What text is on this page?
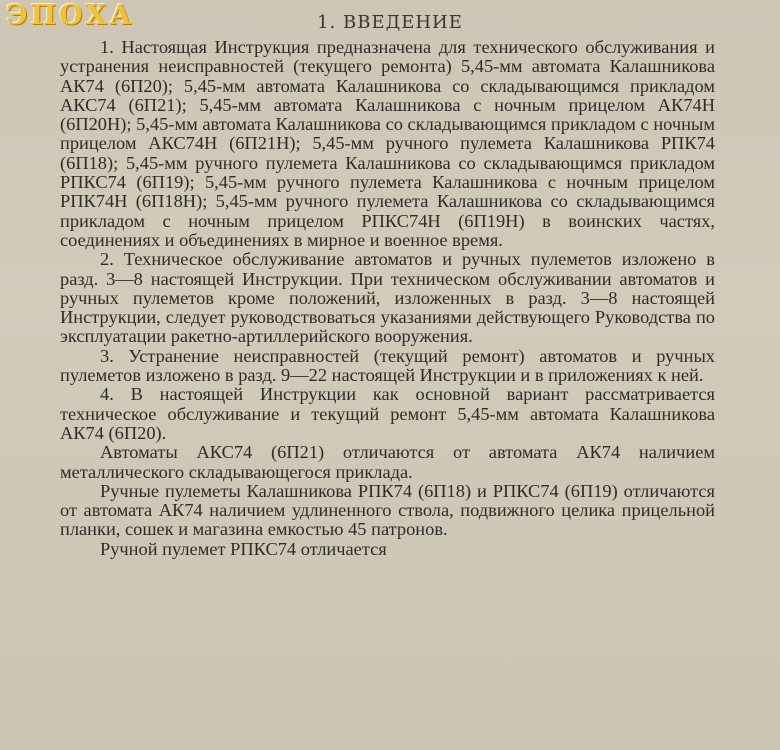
ЭПОХА	1. ВВЕДЕНИЕ

1. Настоящая Инструкция предназначена для технического обслуживания и устранения неисправностей (текущего ремонта) 5,45-мм автомата Калашникова АК74 (6П20); 5,45-мм автомата Калашникова со складывающимся прикладом АКС74 (6П21); 5,45-мм автомата Калашникова с ночным прицелом АК74Н (6П20Н); 5,45-мм автомата Калашникова со складывающимся прикладом с ночным прицелом АКС74Н (6П21Н); 5,45-мм ручного пулемета Калашникова РПК74 (6П18); 5,45-мм ручного пулемета Калашникова со складывающимся прикладом РПКС74 (6П19); 5,45-мм ручного пулемета Калашникова с ночным прицелом РПК74Н (6П18Н); 5,45-мм ручного пулемета Калашникова со складывающимся прикладом с ночным прицелом РПКС74Н (6П19Н) в воинских частях, соединениях и объединениях в мирное и военное время.

2. Техническое обслуживание автоматов и ручных пулеметов изложено в разд. 3—8 настоящей Инструкции. При техническом обслуживании автоматов и ручных пулеметов кроме положений, изложенных в разд. 3—8 настоящей Инструкции, следует руководствоваться указаниями действующего Руководства по эксплуатации ракетно-артиллерийского вооружения.

3. Устранение неисправностей (текущий ремонт) автоматов и ручных пулеметов изложено в разд. 9—22 настоящей Инструкции и в приложениях к ней.

4. В настоящей Инструкции как основной вариант рассматривается техническое обслуживание и текущий ремонт 5,45-мм автомата Калашникова АК74 (6П20).

Автоматы АКС74 (6П21) отличаются от автомата АК74 наличием металлического складывающегося приклада.

Ручные пулеметы Калашникова РПК74 (6П18) и РПКС74 (6П19) отличаются от автомата АК74 наличием удлиненного ствола, подвижного целика прицельной планки, сошек и магазина емкостью 45 патронов.

Ручной пулемет РПКС74 отличается
